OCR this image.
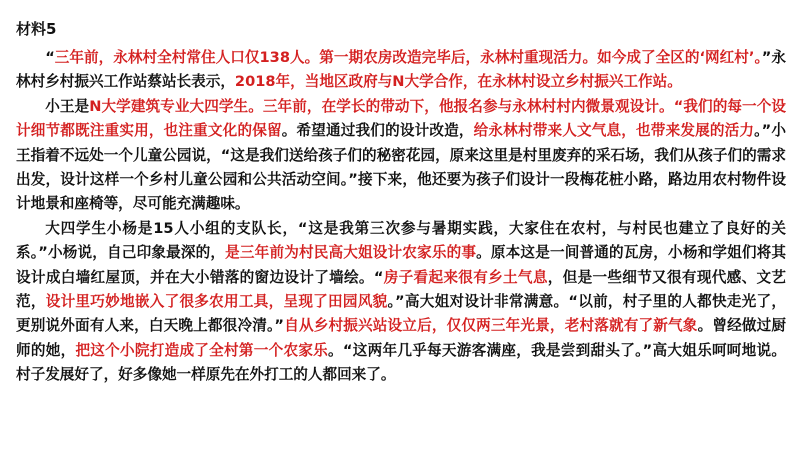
材料5

“三年前，永林村全村常住人口仅138人。第一期农房改造完毕后，永林村重现活力。如今成了全区的‘网红村’。”永林村乡村振兴工作站蔡站长表示，2018年，当地区政府与N大学合作，在永林村设立乡村振兴工作站。

小王是N大学建筑专业大四学生。三年前，在学长的带动下，他报名参与永林村村内微景观设计。“我们的每一个设计细节都既注重实用，也注重文化的保留。希望通过我们的设计改造，给永林村带来人文气息，也带来发展的活力。”小王指着不远处一个儿童公园说，“这是我们送给孩子们的秘密花园，原来这里是村里废弃的采石场，我们从孩子们的需求出发，设计这样一个乡村儿童公园和公共活动空间。”接下来，他还要为孩子们设计一段梅花桩小路，路边用农村物件设计地景和座椅等，尽可能充满趣味。

大四学生小杨是15人小组的支队长，“这是我第三次参与暑期实践，大家住在农村，与村民也建立了良好的关系。”小杨说，自己印象最深的，是三年前为村民高大姐设计农家乐的事。原本这是一间普通的瓦房，小杨和学姐们将其设计成白墙红屋顶，并在大小错落的窗边设计了墙绘。“房子看起来很有乡土气息，但是一些细节又很有现代感、文艺范，设计里巧妙地嵌入了很多农用工具，呈现了田园风貌。”高大姐对设计非常满意。“以前，村子里的人都快走光了，更别说外面有人来，白天晚上都很冷清。”自从乡村振兴站设立后，仅仅两三年光景，老村落就有了新气象。曾经做过厨师的她，把这个小院打造成了全村第一个农家乐。“这两年几乎每天游客满座，我是尝到甜头了。”高大姐乐呵呵地说。村子发展好了，好多像她一样原先在外打工的人都回来了。
